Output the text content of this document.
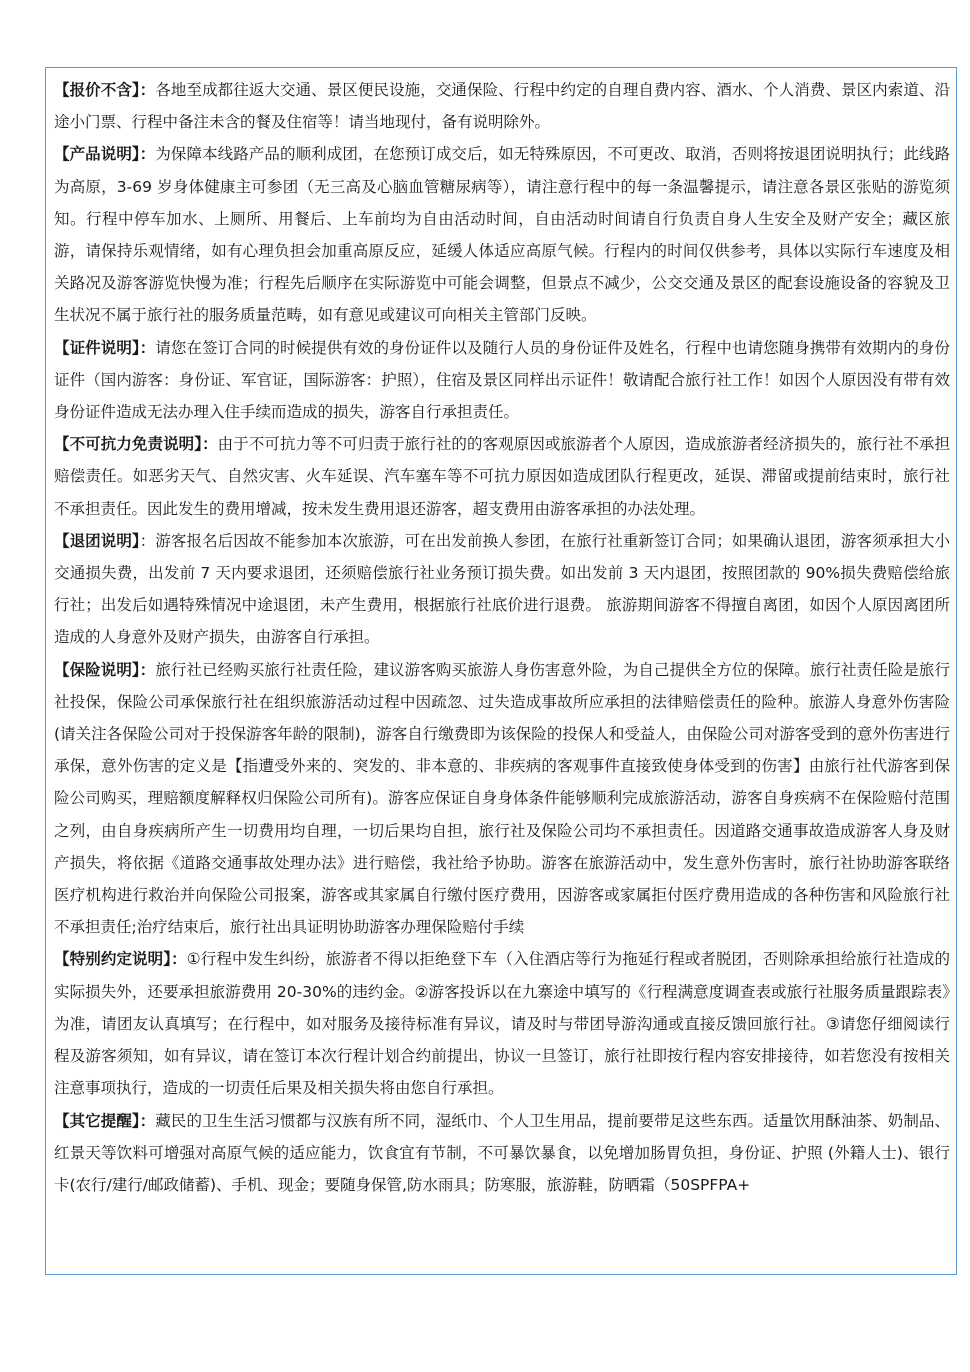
【报价不含】：各地至成都往返大交通、景区便民设施，交通保险、行程中约定的自理自费内容、酒水、个人消费、景区内索道、沿途小门票、行程中备注未含的餐及住宿等！请当地现付，备有说明除外。

【产品说明】：为保障本线路产品的顺利成团，在您预订成交后，如无特殊原因，不可更改、取消，否则将按退团说明执行；此线路为高原，3-69 岁身体健康主可参团（无三高及心脑血管糖尿病等），请注意行程中的每一条温馨提示，请注意各景区张贴的游览须知。行程中停车加水、上厕所、用餐后、上车前均为自由活动时间，自由活动时间请自行负责自身人生安全及财产安全；藏区旅游，请保持乐观情绪，如有心理负担会加重高原反应，延缓人体适应高原气候。行程内的时间仅供参考，具体以实际行车速度及相关路况及游客游览快慢为准；行程先后顺序在实际游览中可能会调整，但景点不减少，公交交通及景区的配套设施设备的容貌及卫生状况不属于旅行社的服务质量范畴，如有意见或建议可向相关主管部门反映。

【证件说明】：请您在签订合同的时候提供有效的身份证件以及随行人员的身份证件及姓名，行程中也请您随身携带有效期内的身份证件（国内游客：身份证、军官证，国际游客：护照），住宿及景区同样出示证件！敬请配合旅行社工作！如因个人原因没有带有效身份证件造成无法办理入住手续而造成的损失，游客自行承担责任。

【不可抗力免责说明】：由于不可抗力等不可归责于旅行社的的客观原因或旅游者个人原因，造成旅游者经济损失的，旅行社不承担赔偿责任。如恶劣天气、自然灾害、火车延误、汽车塞车等不可抗力原因如造成团队行程更改，延误、滞留或提前结束时，旅行社不承担责任。因此发生的费用增减，按未发生费用退还游客，超支费用由游客承担的办法处理。

【退团说明】：游客报名后因故不能参加本次旅游，可在出发前换人参团，在旅行社重新签订合同；如果确认退团，游客须承担大小交通损失费，出发前 7 天内要求退团，还须赔偿旅行社业务预订损失费。如出发前 3 天内退团，按照团款的 90%损失费赔偿给旅行社；出发后如遇特殊情况中途退团，未产生费用，根据旅行社底价进行退费。 旅游期间游客不得擅自离团，如因个人原因离团所造成的人身意外及财产损失，由游客自行承担。

【保险说明】：旅行社已经购买旅行社责任险，建议游客购买旅游人身伤害意外险，为自己提供全方位的保障。旅行社责任险是旅行社投保，保险公司承保旅行社在组织旅游活动过程中因疏忽、过失造成事故所应承担的法律赔偿责任的险种。旅游人身意外伤害险(请关注各保险公司对于投保游客年龄的限制)，游客自行缴费即为该保险的投保人和受益人，由保险公司对游客受到的意外伤害进行承保，意外伤害的定义是【指遭受外来的、突发的、非本意的、非疾病的客观事件直接致使身体受到的伤害】由旅行社代游客到保险公司购买，理赔额度解释权归保险公司所有)。游客应保证自身身体条件能够顺利完成旅游活动，游客自身疾病不在保险赔付范围之列，由自身疾病所产生一切费用均自理，一切后果均自担，旅行社及保险公司均不承担责任。因道路交通事故造成游客人身及财产损失，将依据《道路交通事故处理办法》进行赔偿，我社给予协助。游客在旅游活动中，发生意外伤害时，旅行社协助游客联络医疗机构进行救治并向保险公司报案，游客或其家属自行缴付医疗费用，因游客或家属拒付医疗费用造成的各种伤害和风险旅行社不承担责任;治疗结束后，旅行社出具证明协助游客办理保险赔付手续

【特别约定说明】：①行程中发生纠纷，旅游者不得以拒绝登下车（入住酒店等行为拖延行程或者脱团，否则除承担给旅行社造成的实际损失外，还要承担旅游费用 20-30%的违约金。②游客投诉以在九寨途中填写的《行程满意度调查表或旅行社服务质量跟踪表》为准，请团友认真填写；在行程中，如对服务及接待标准有异议，请及时与带团导游沟通或直接反馈回旅行社。③请您仔细阅读行程及游客须知，如有异议，请在签订本次行程计划合约前提出，协议一旦签订，旅行社即按行程内容安排接待，如若您没有按相关注意事项执行，造成的一切责任后果及相关损失将由您自行承担。

【其它提醒】：藏民的卫生生活习惯都与汉族有所不同，湿纸巾、个人卫生用品，提前要带足这些东西。适量饮用酥油茶、奶制品、红景天等饮料可增强对高原气候的适应能力，饮食宜有节制，不可暴饮暴食，以免增加肠胃负担，身份证、护照 (外籍人士)、银行卡(农行/建行/邮政储蓄)、手机、现金；要随身保管,防水雨具；防寒服，旅游鞋，防晒霜（50SPFPA+
